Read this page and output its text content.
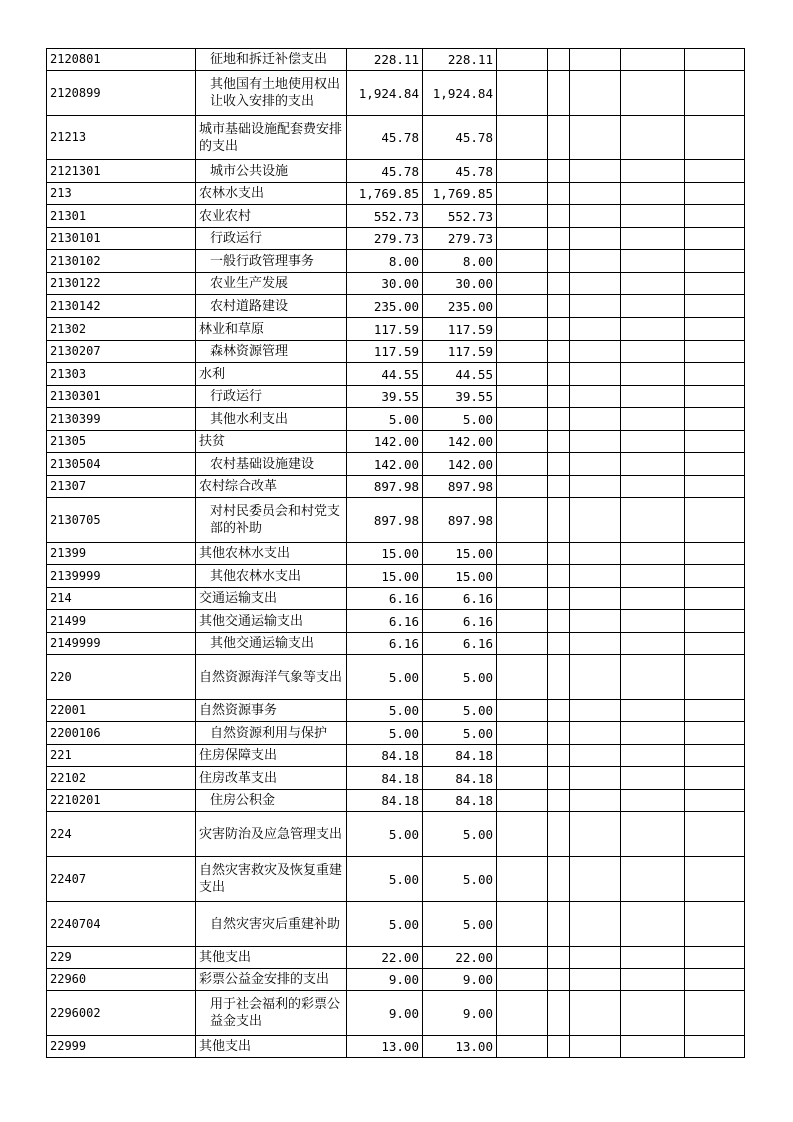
2120801	征地和拆迁补偿支出	228.11	228.11					
2120899	其他国有土地使用权出让收入安排的支出	1,924.84	1,924.84					
21213	城市基础设施配套费安排的支出	45.78	45.78					
2121301	城市公共设施	45.78	45.78					
213	农林水支出	1,769.85	1,769.85					
21301	农业农村	552.73	552.73					
2130101	行政运行	279.73	279.73					
2130102	一般行政管理事务	8.00	8.00					
2130122	农业生产发展	30.00	30.00					
2130142	农村道路建设	235.00	235.00					
21302	林业和草原	117.59	117.59					
2130207	森林资源管理	117.59	117.59					
21303	水利	44.55	44.55					
2130301	行政运行	39.55	39.55					
2130399	其他水利支出	5.00	5.00					
21305	扶贫	142.00	142.00					
2130504	农村基础设施建设	142.00	142.00					
21307	农村综合改革	897.98	897.98					
2130705	对村民委员会和村党支部的补助	897.98	897.98					
21399	其他农林水支出	15.00	15.00					
2139999	其他农林水支出	15.00	15.00					
214	交通运输支出	6.16	6.16					
21499	其他交通运输支出	6.16	6.16					
2149999	其他交通运输支出	6.16	6.16					
220	自然资源海洋气象等支出	5.00	5.00					
22001	自然资源事务	5.00	5.00					
2200106	自然资源利用与保护	5.00	5.00					
221	住房保障支出	84.18	84.18					
22102	住房改革支出	84.18	84.18					
2210201	住房公积金	84.18	84.18					
224	灾害防治及应急管理支出	5.00	5.00					
22407	自然灾害救灾及恢复重建支出	5.00	5.00					
2240704	自然灾害灾后重建补助	5.00	5.00					
229	其他支出	22.00	22.00					
22960	彩票公益金安排的支出	9.00	9.00					
2296002	用于社会福利的彩票公益金支出	9.00	9.00					
22999	其他支出	13.00	13.00					
